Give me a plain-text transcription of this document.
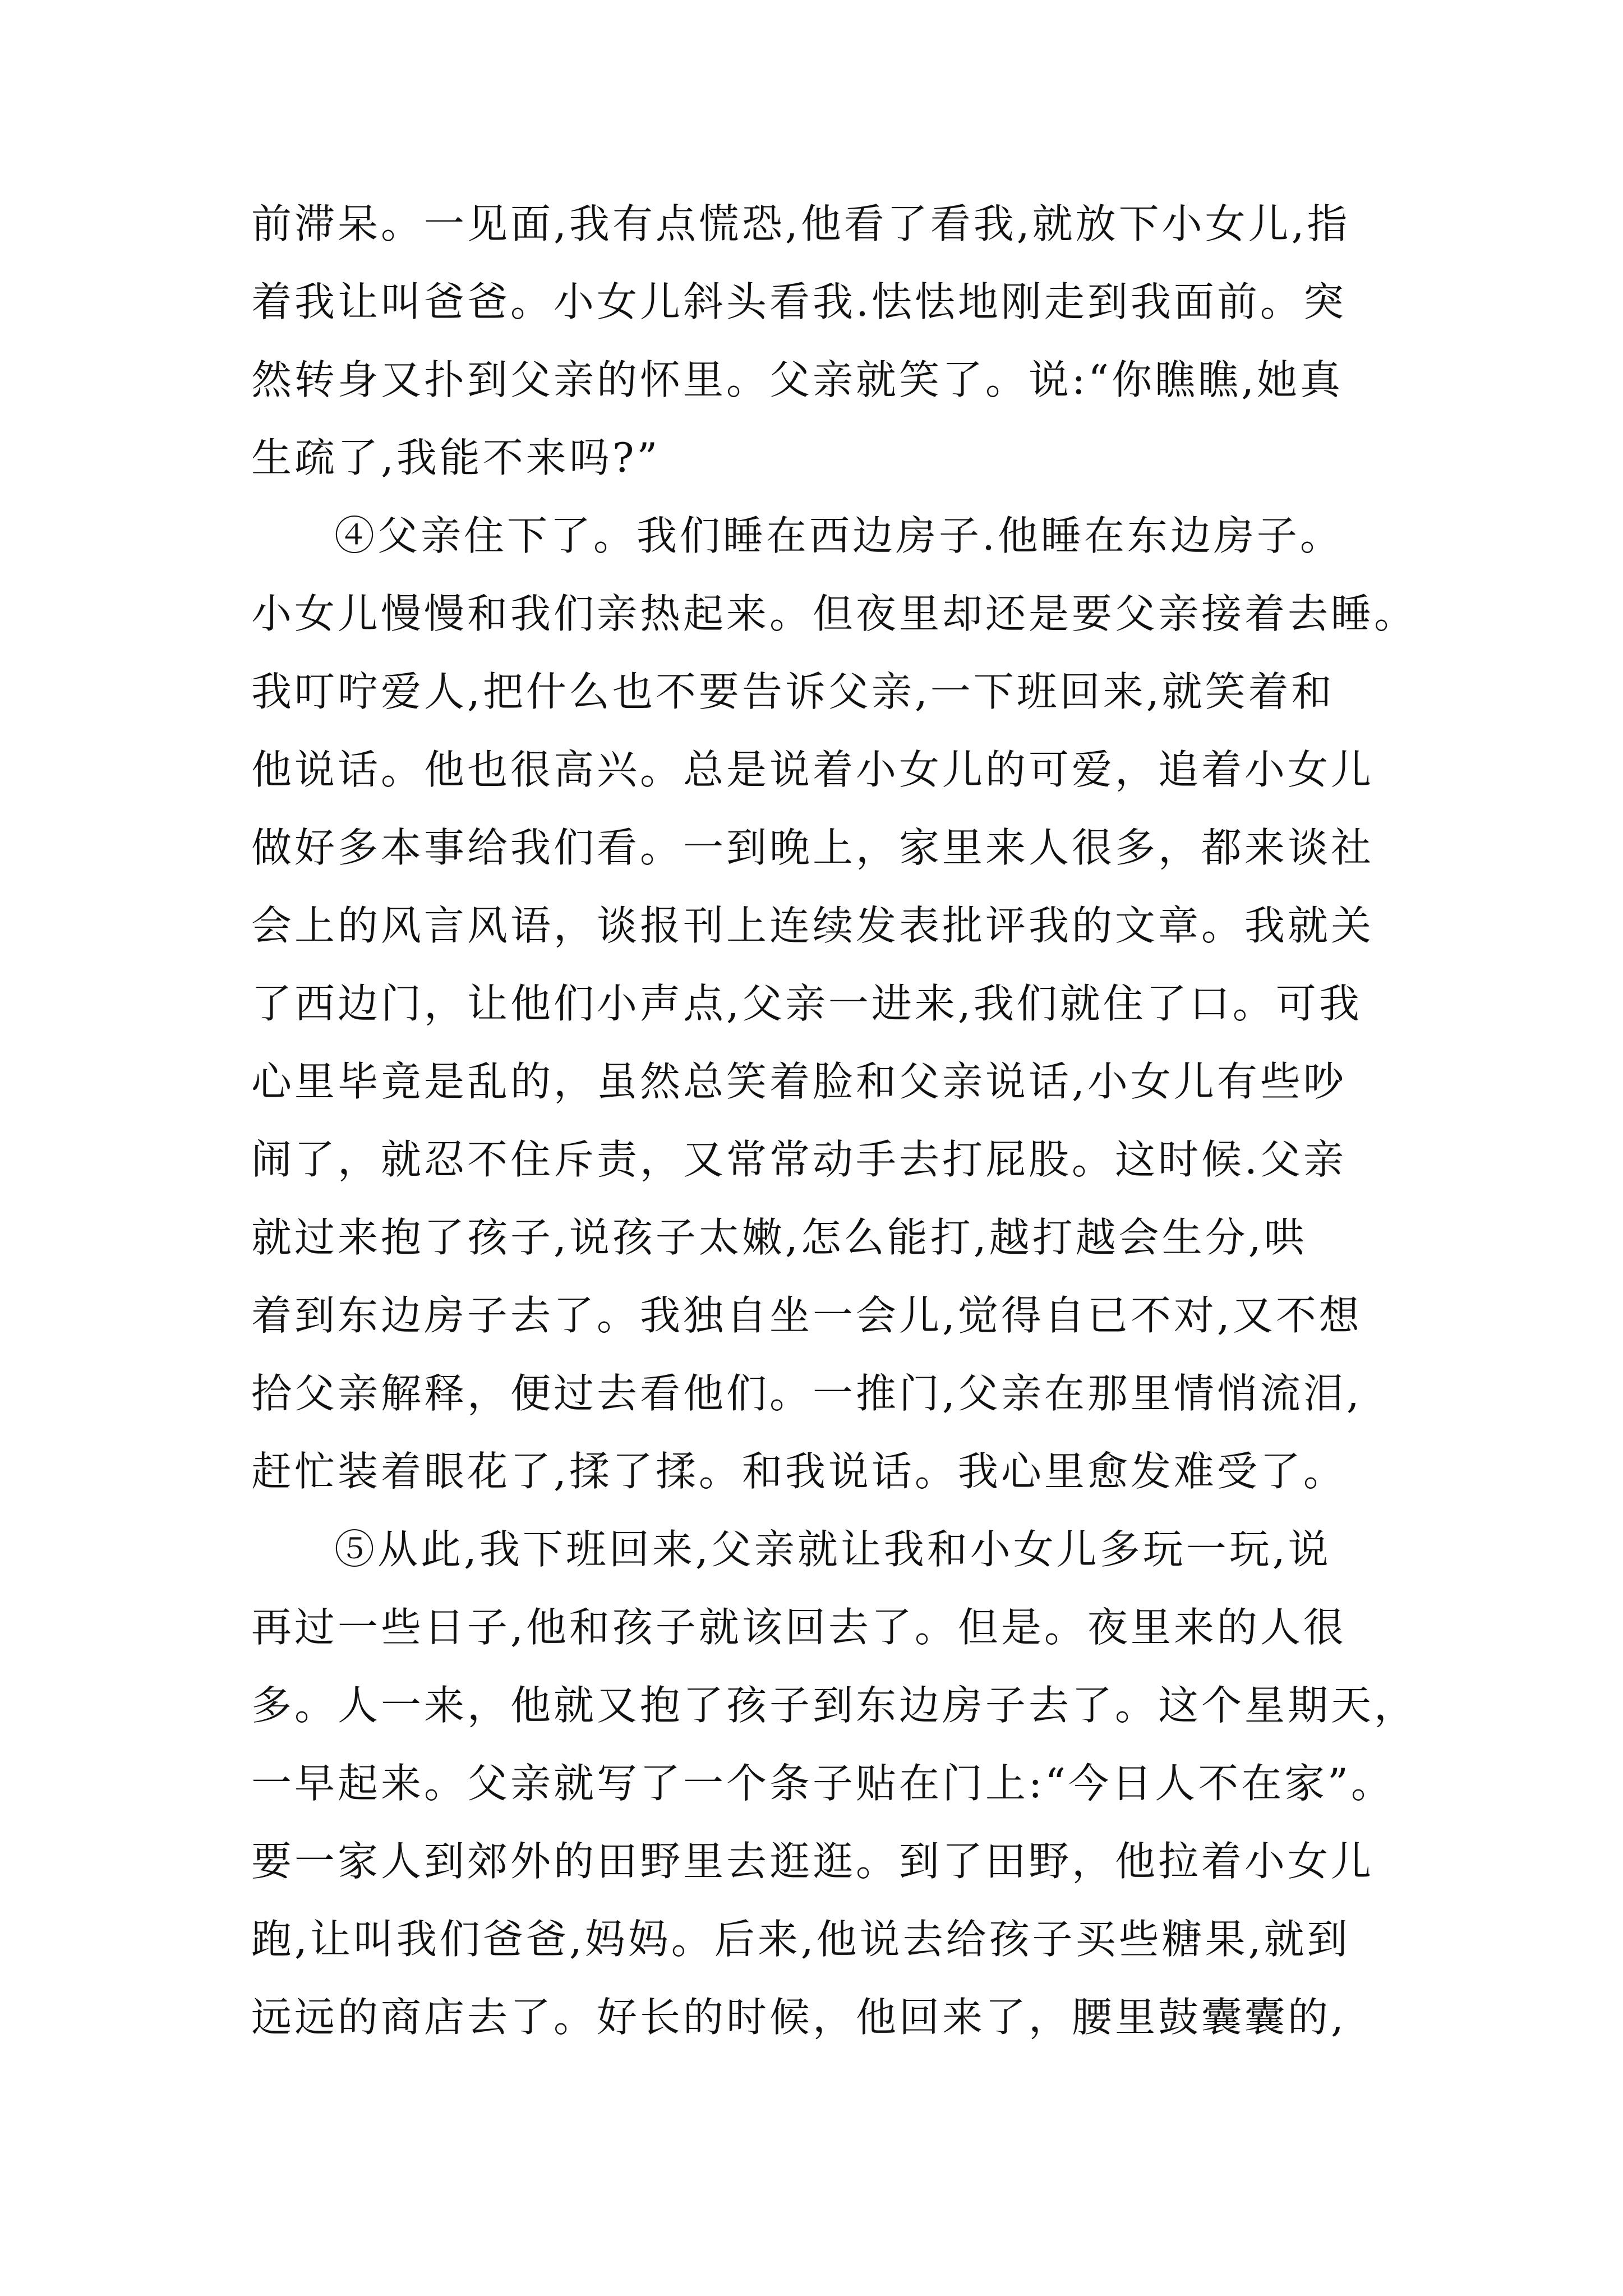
前滞呆。一见面,我有点慌恐,他看了看我,就放下小女儿,指
着我让叫爸爸。小女儿斜头看我.怯怯地刚走到我面前。突
然转身又扑到父亲的怀里。父亲就笑了。说:“你瞧瞧,她真
生疏了,我能不来吗?”
④父亲住下了。我们睡在西边房子.他睡在东边房子。
小女儿慢慢和我们亲热起来。但夜里却还是要父亲接着去睡。
我叮咛爱人,把什么也不要告诉父亲,一下班回来,就笑着和
他说话。他也很高兴。总是说着小女儿的可爱，追着小女儿
做好多本事给我们看。一到晚上，家里来人很多，都来谈社
会上的风言风语，谈报刊上连续发表批评我的文章。我就关
了西边门，让他们小声点,父亲一进来,我们就住了口。可我
心里毕竟是乱的，虽然总笑着脸和父亲说话,小女儿有些吵
闹了，就忍不住斥责，又常常动手去打屁股。这时候.父亲
就过来抱了孩子,说孩子太嫩,怎么能打,越打越会生分,哄
着到东边房子去了。我独自坐一会儿,觉得自已不对,又不想
拾父亲解释，便过去看他们。一推门,父亲在那里情悄流泪,
赶忙装着眼花了,揉了揉。和我说话。我心里愈发难受了。
⑤从此,我下班回来,父亲就让我和小女儿多玩一玩,说
再过一些日子,他和孩子就该回去了。但是。夜里来的人很
多。人一来，他就又抱了孩子到东边房子去了。这个星期天，
一早起来。父亲就写了一个条子贴在门上:“今日人不在家”。
要一家人到郊外的田野里去逛逛。到了田野，他拉着小女儿
跑,让叫我们爸爸,妈妈。后来,他说去给孩子买些糖果,就到
远远的商店去了。好长的时候，他回来了，腰里鼓囊囊的,
